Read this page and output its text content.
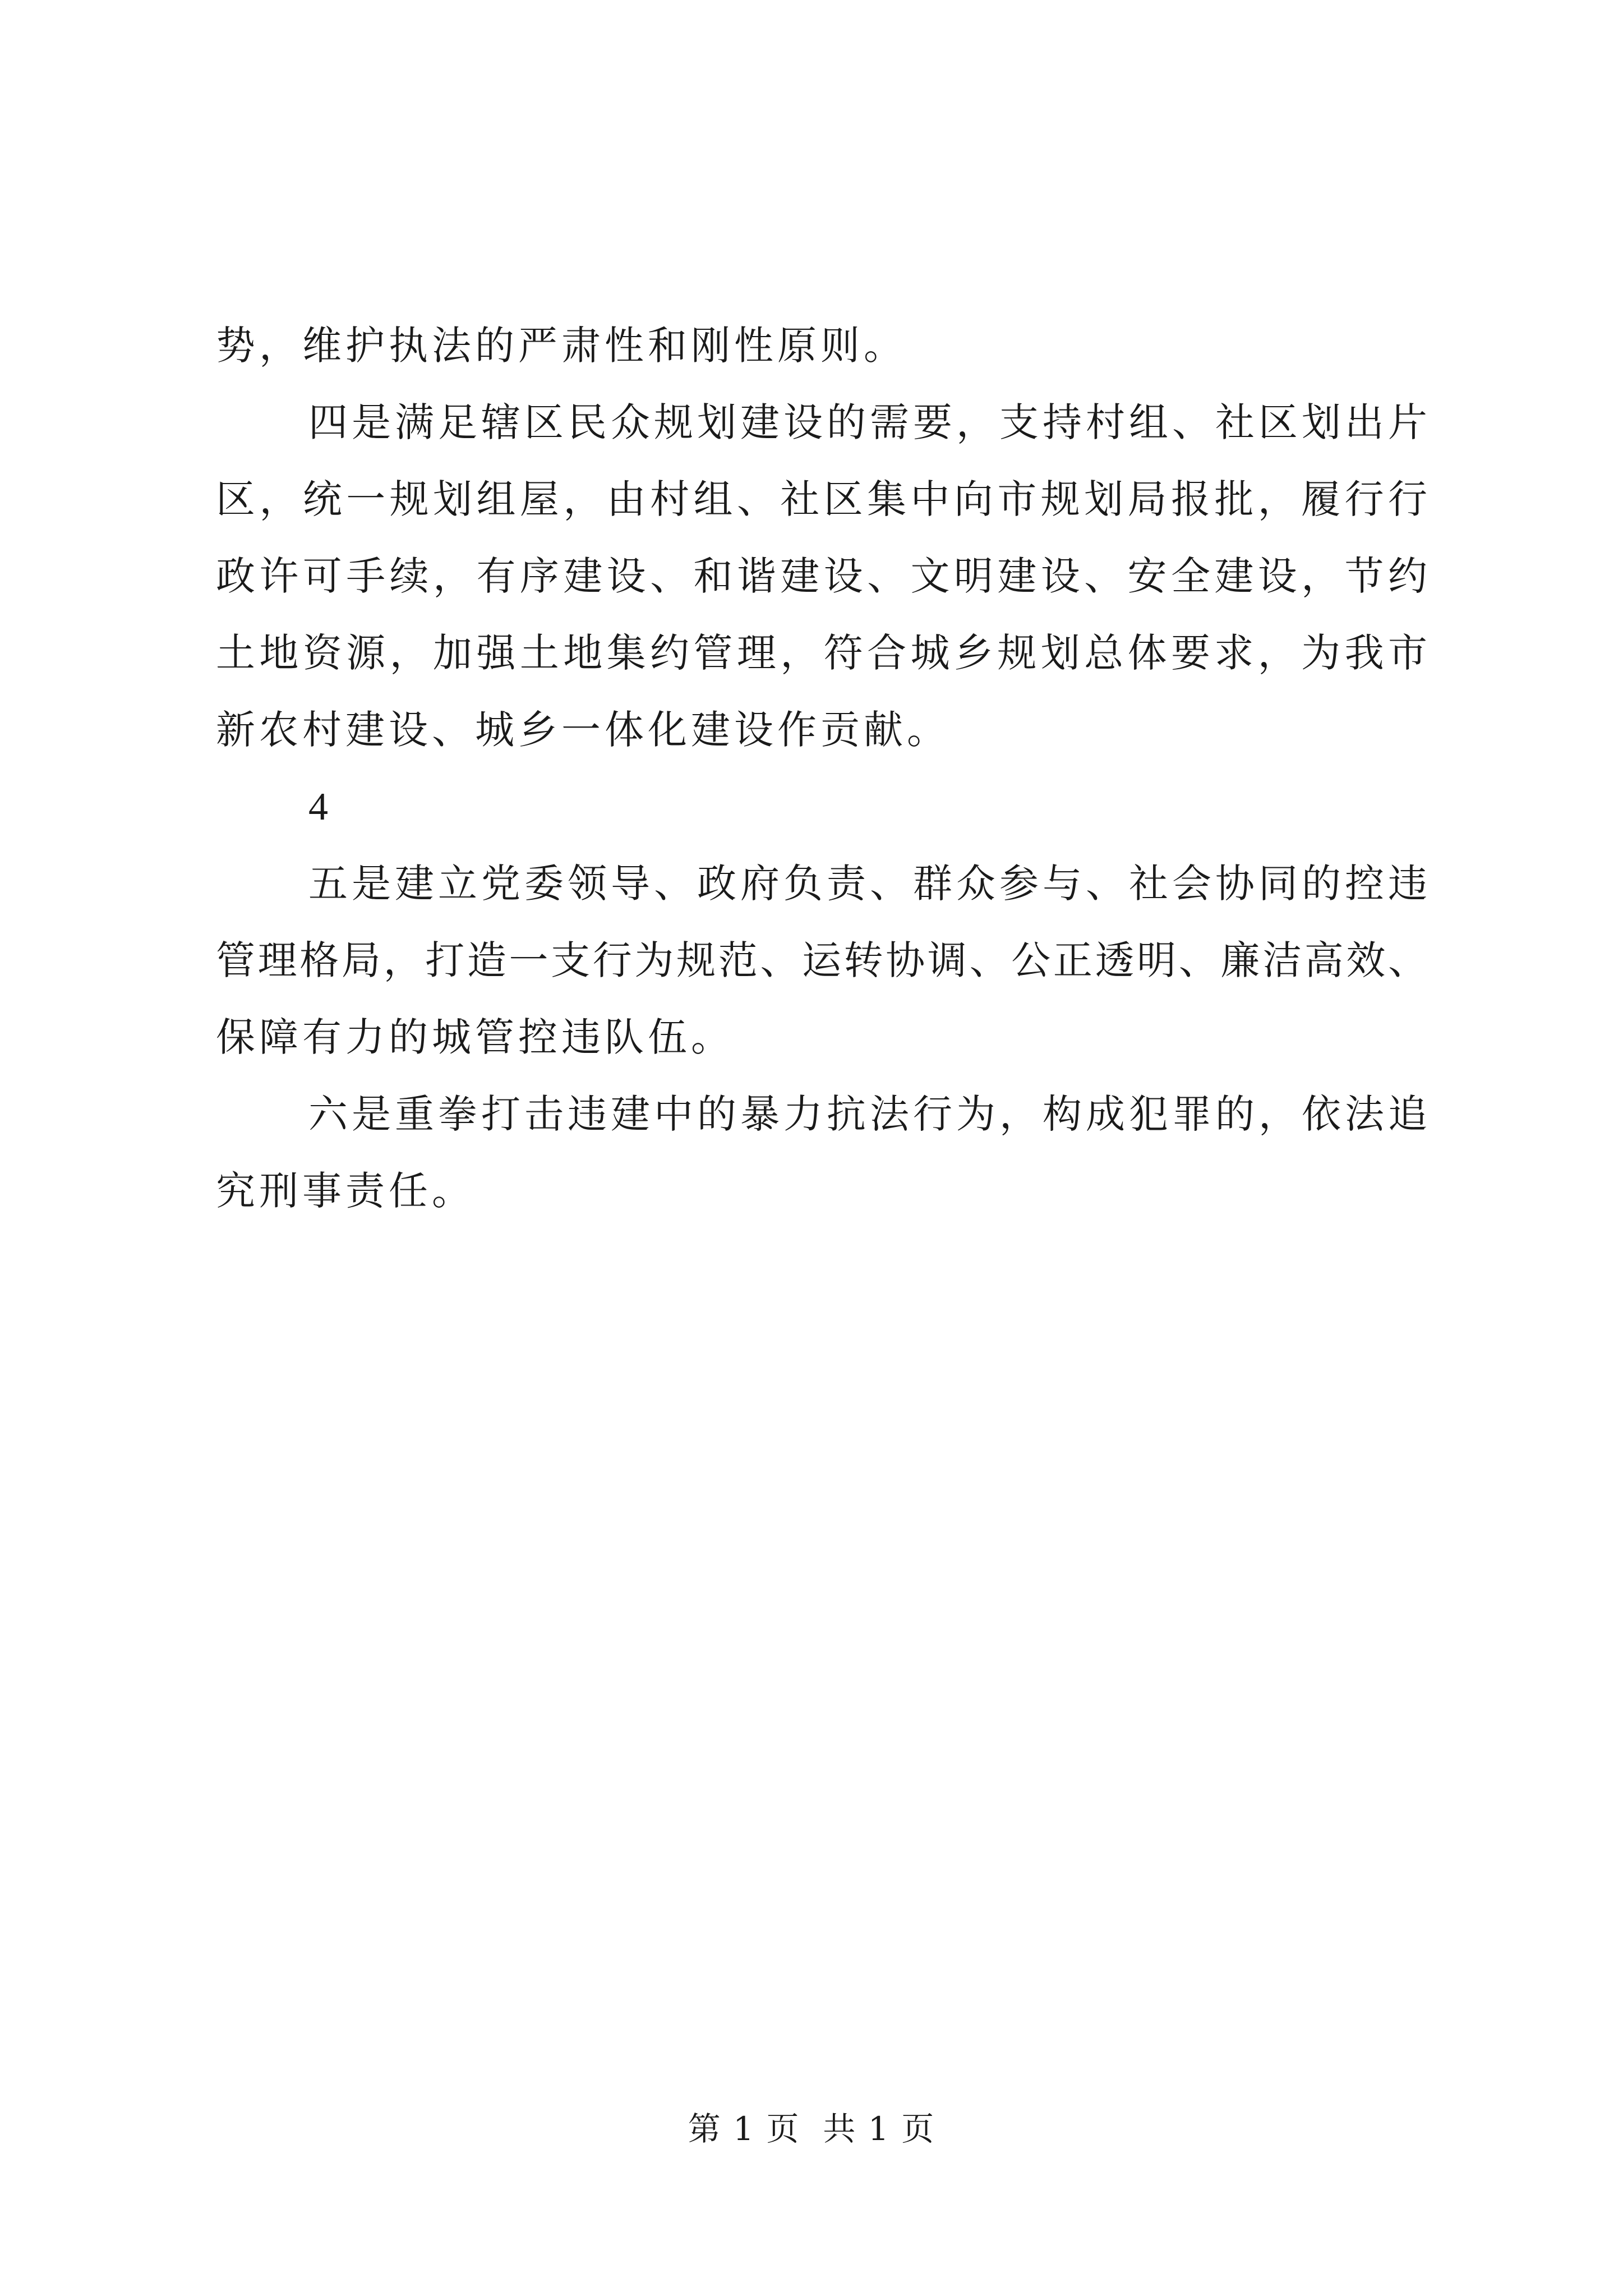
势，维护执法的严肃性和刚性原则。
四是满足辖区民众规划建设的需要，支持村组、社区划出片
区，统一规划组屋，由村组、社区集中向市规划局报批，履行行
政许可手续，有序建设、和谐建设、文明建设、安全建设，节约
土地资源，加强土地集约管理，符合城乡规划总体要求，为我市
新农村建设、城乡一体化建设作贡献。
4
五是建立党委领导、政府负责、群众参与、社会协同的控违
管理格局，打造一支行为规范、运转协调、公正透明、廉洁高效、
保障有力的城管控违队伍。
六是重拳打击违建中的暴力抗法行为，构成犯罪的，依法追
究刑事责任。
第 1 页  共 1 页
